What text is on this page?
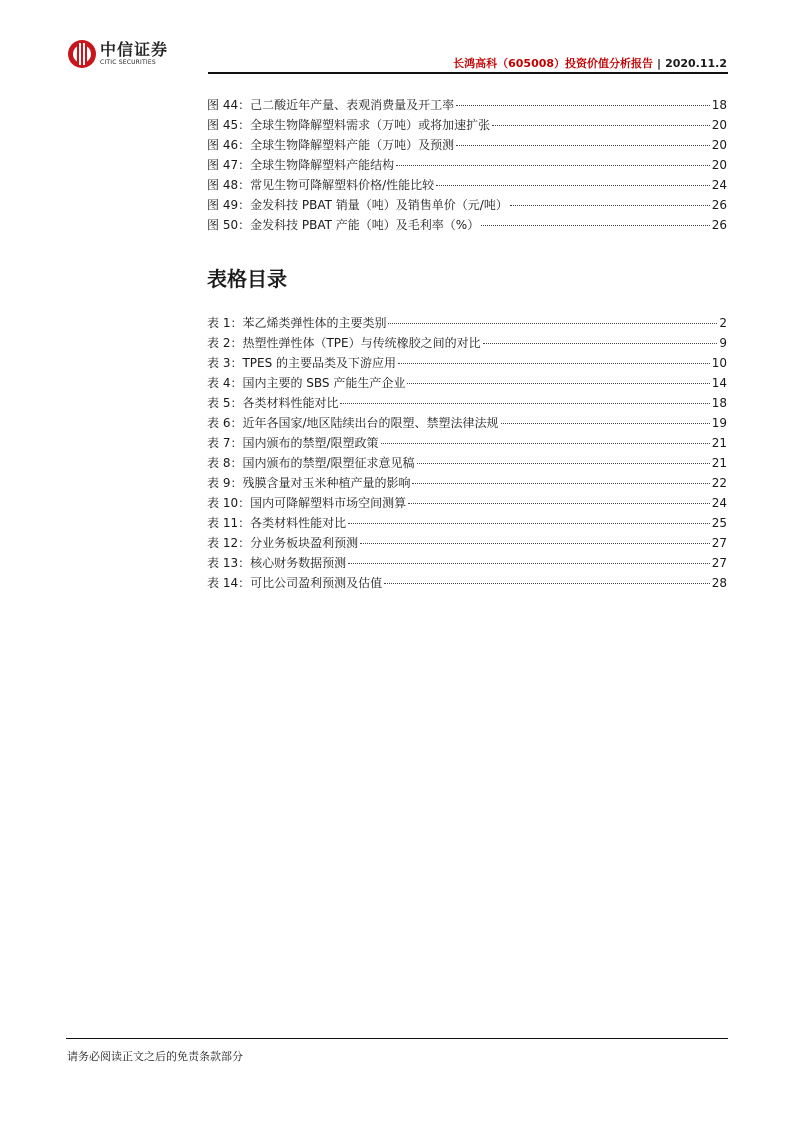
中信证券
CITIC SECURITIES	长鸿高科（605008）投资价值分析报告 | 2020.11.2
图 44：己二酸近年产量、表观消费量及开工率	18
图 45：全球生物降解塑料需求（万吨）或将加速扩张	20
图 46：全球生物降解塑料产能（万吨）及预测	20
图 47：全球生物降解塑料产能结构	20
图 48：常见生物可降解塑料价格/性能比较	24
图 49：金发科技 PBAT 销量（吨）及销售单价（元/吨）	26
图 50：金发科技 PBAT 产能（吨）及毛利率（%）	26
表格目录
表 1：苯乙烯类弹性体的主要类别	2
表 2：热塑性弹性体（TPE）与传统橡胶之间的对比	9
表 3：TPES 的主要品类及下游应用	10
表 4：国内主要的 SBS 产能生产企业	14
表 5：各类材料性能对比	18
表 6：近年各国家/地区陆续出台的限塑、禁塑法律法规	19
表 7：国内颁布的禁塑/限塑政策	21
表 8：国内颁布的禁塑/限塑征求意见稿	21
表 9：残膜含量对玉米种植产量的影响	22
表 10：国内可降解塑料市场空间测算	24
表 11：各类材料性能对比	25
表 12：分业务板块盈利预测	27
表 13：核心财务数据预测	27
表 14：可比公司盈利预测及估值	28
请务必阅读正文之后的免责条款部分
